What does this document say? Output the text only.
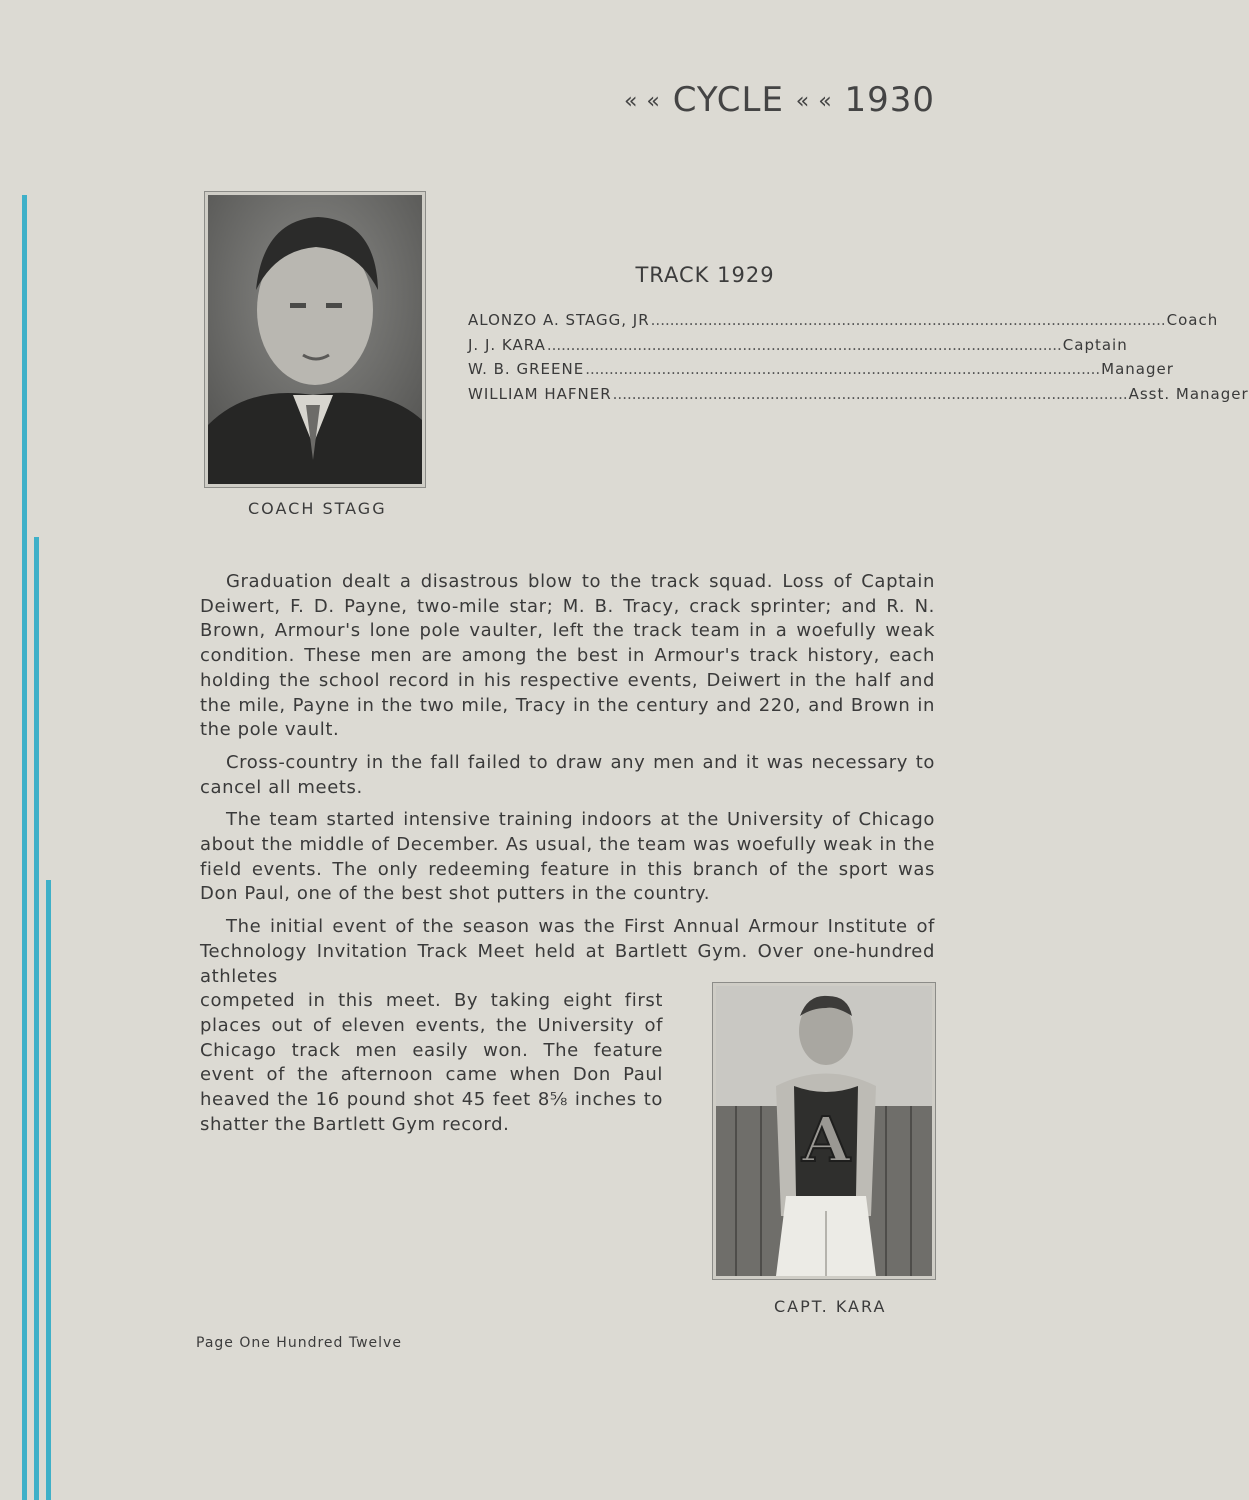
« « CYCLE « « 1930
COACH STAGG
TRACK 1929
ALONZO A. STAGG, JR ............................................................................................................ Coach
J. J. KARA ............................................................................................................ Captain
W. B. GREENE ............................................................................................................ Manager
WILLIAM HAFNER ............................................................................................................ Asst. Manager

Graduation dealt a disastrous blow to the track squad. Loss of Captain Deiwert, F. D. Payne, two-mile star; M. B. Tracy, crack sprinter; and R. N. Brown, Armour's lone pole vaulter, left the track team in a woefully weak condition. These men are among the best in Armour's track history, each holding the school record in his respective events, Deiwert in the half and the mile, Payne in the two mile, Tracy in the century and 220, and Brown in the pole vault.

Cross-country in the fall failed to draw any men and it was necessary to cancel all meets.

The team started intensive training indoors at the University of Chicago about the middle of December. As usual, the team was woefully weak in the field events. The only redeeming feature in this branch of the sport was Don Paul, one of the best shot putters in the country.

The initial event of the season was the First Annual Armour Institute of Technology Invitation Track Meet held at Bartlett Gym. Over one-hundred athletes

competed in this meet. By taking eight first places out of eleven events, the University of Chicago track men easily won. The feature event of the afternoon came when Don Paul heaved the 16 pound shot 45 feet 8⅝ inches to shatter the Bartlett Gym record.	A
CAPT. KARA
Page One Hundred Twelve
